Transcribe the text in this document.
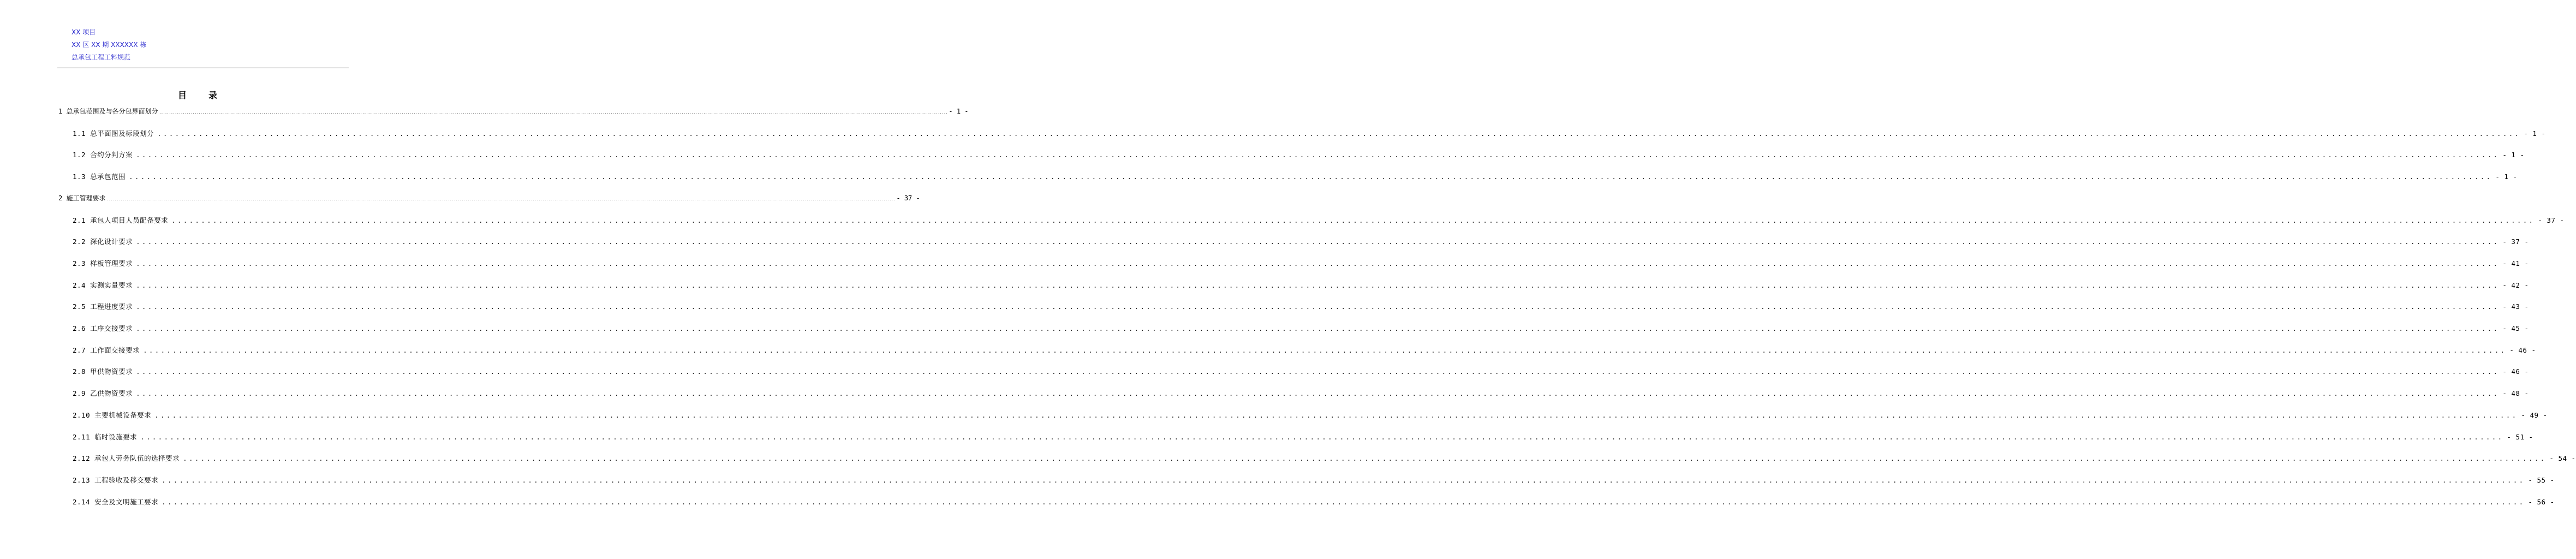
XX 项目
XX 区 XX 期 XXXXXX 栋
总承包工程工料规范
目录
1 总承包范围及与各分包界面划分 ................................................................................................................................................................................................................................................................................................................................................................................................................ - 1 -
1.1 总平面图及标段划分 ................................................................................................................................................................................................................................................................................................................................................................................................................ - 1 -
1.2 合约分判方案 ................................................................................................................................................................................................................................................................................................................................................................................................................ - 1 -
1.3 总承包范围 ................................................................................................................................................................................................................................................................................................................................................................................................................ - 1 -
2 施工管理要求 ................................................................................................................................................................................................................................................................................................................................................................................................................ - 37 -
2.1 承包人项目人员配备要求 ................................................................................................................................................................................................................................................................................................................................................................................................................ - 37 -
2.2 深化设计要求 ................................................................................................................................................................................................................................................................................................................................................................................................................ - 37 -
2.3 样板管理要求 ................................................................................................................................................................................................................................................................................................................................................................................................................ - 41 -
2.4 实测实量要求 ................................................................................................................................................................................................................................................................................................................................................................................................................ - 42 -
2.5 工程进度要求 ................................................................................................................................................................................................................................................................................................................................................................................................................ - 43 -
2.6 工序交接要求 ................................................................................................................................................................................................................................................................................................................................................................................................................ - 45 -
2.7 工作面交接要求 ................................................................................................................................................................................................................................................................................................................................................................................................................ - 46 -
2.8 甲供物资要求 ................................................................................................................................................................................................................................................................................................................................................................................................................ - 46 -
2.9 乙供物资要求 ................................................................................................................................................................................................................................................................................................................................................................................................................ - 48 -
2.10 主要机械设备要求 ................................................................................................................................................................................................................................................................................................................................................................................................................ - 49 -
2.11 临时设施要求 ................................................................................................................................................................................................................................................................................................................................................................................................................ - 51 -
2.12 承包人劳务队伍的选择要求 ................................................................................................................................................................................................................................................................................................................................................................................................................ - 54 -
2.13 工程验收及移交要求 ................................................................................................................................................................................................................................................................................................................................................................................................................ - 55 -
2.14 安全及文明施工要求 ................................................................................................................................................................................................................................................................................................................................................................................................................ - 56 -
